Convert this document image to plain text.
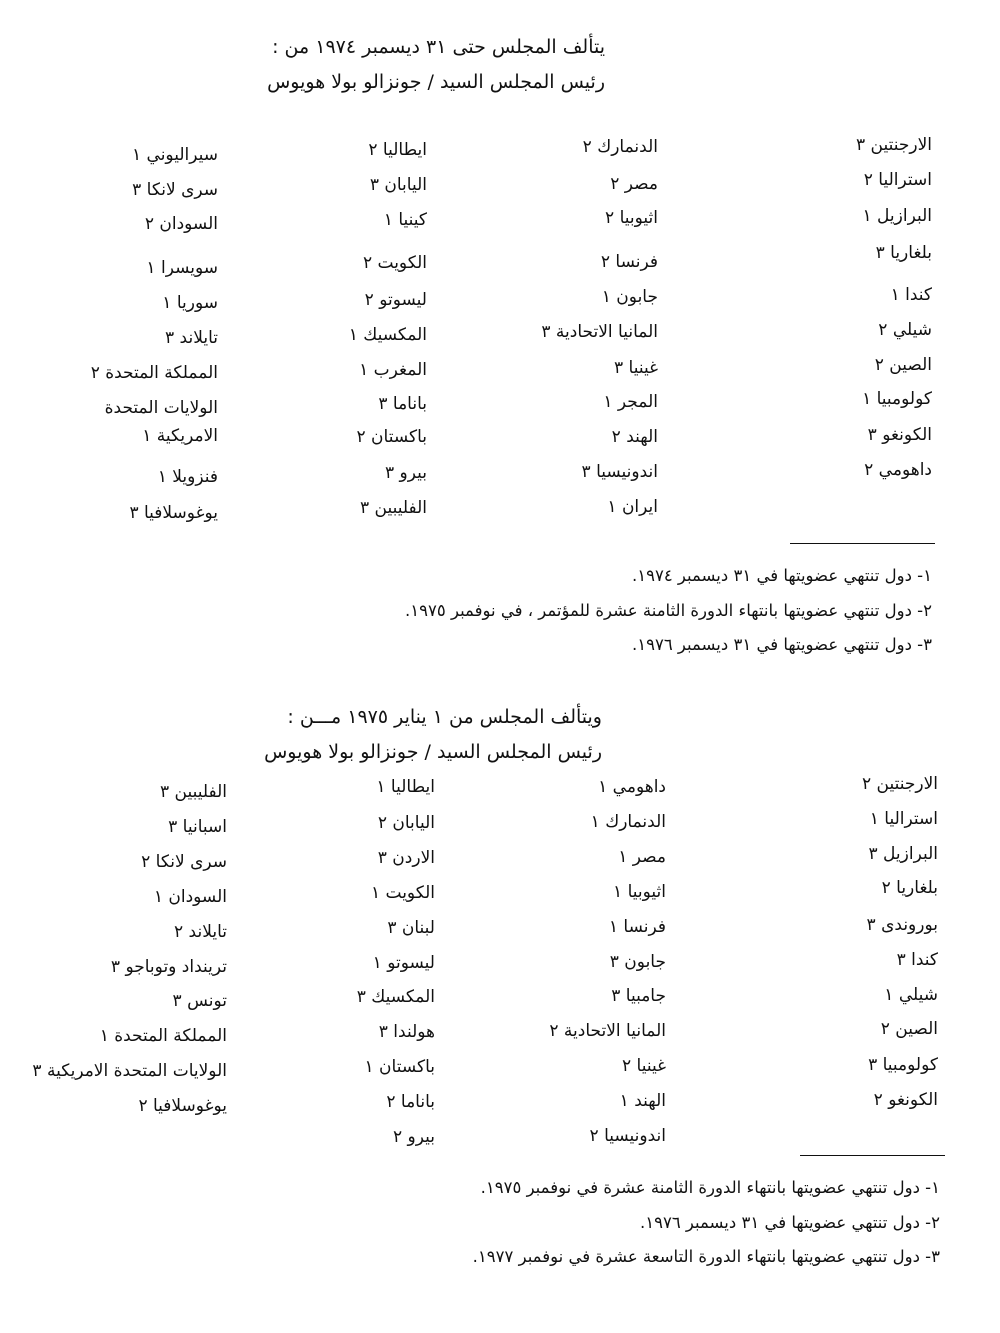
يتألف المجلس حتى ٣١ ديسمبر ١٩٧٤ من :
رئيس المجلس السيد / جونزالو بولا هويوس
الارجنتين ٣
استراليا ٢
البرازيل ١
بلغاريا ٣
كندا ١
شيلي ٢
الصين ٢
كولومبيا ١
الكونغو ٣
داهومي ٢
الدنمارك ٢
مصر ٢
اثيوبيا ٢
فرنسا ٢
جابون ١
المانيا الاتحادية ٣
غينيا ٣
المجر ١
الهند ٢
اندونيسيا ٣
ايران ١
ايطاليا ٢
اليابان ٣
كينيا ١
الكويت ٢
ليسوتو ٢
المكسيك ١
المغرب ١
باناما ٣
باكستان ٢
بيرو ٣
الفليبين ٣
سيراليوني ١
سرى لانكا ٣
السودان ٢
سويسرا ١
سوريا ١
تايلاند ٣
المملكة المتحدة ٢
الولايات المتحدة
الامريكية ١
فنزويلا ١
يوغوسلافيا ٣
١- دول تنتهي عضويتها في ٣١ ديسمبر ١٩٧٤.
٢- دول تنتهي عضويتها بانتهاء الدورة الثامنة عشرة للمؤتمر ، في نوفمبر ١٩٧٥.
٣- دول تنتهي عضويتها في ٣١ ديسمبر ١٩٧٦.
ويتألف المجلس من ١ يناير ١٩٧٥ مـــن :
رئيس المجلس السيد / جونزالو بولا هويوس
الارجنتين ٢
استراليا ١
البرازيل ٣
بلغاريا ٢
بوروندى ٣
كندا ٣
شيلي ١
الصين ٢
كولومبيا ٣
الكونغو ٢
داهومي ١
الدنمارك ١
مصر ١
اثيوبيا ١
فرنسا ١
جابون ٣
جامبيا ٣
المانيا الاتحادية ٢
غينيا ٢
الهند ١
اندونيسيا ٢
ايطاليا ١
اليابان ٢
الاردن ٣
الكويت ١
لبنان ٣
ليسوتو ١
المكسيك ٣
هولندا ٣
باكستان ١
باناما ٢
بيرو ٢
الفليبين ٣
اسبانيا ٣
سرى لانكا ٢
السودان ١
تايلاند ٢
ترينداد وتوباجو ٣
تونس ٣
المملكة المتحدة ١
الولايات المتحدة الامريكية ٣
يوغوسلافيا ٢
١- دول تنتهي عضويتها بانتهاء الدورة الثامنة عشرة في نوفمبر ١٩٧٥.
٢- دول تنتهي عضويتها في ٣١ ديسمبر ١٩٧٦.
٣- دول تنتهي عضويتها بانتهاء الدورة التاسعة عشرة في نوفمبر ١٩٧٧.
